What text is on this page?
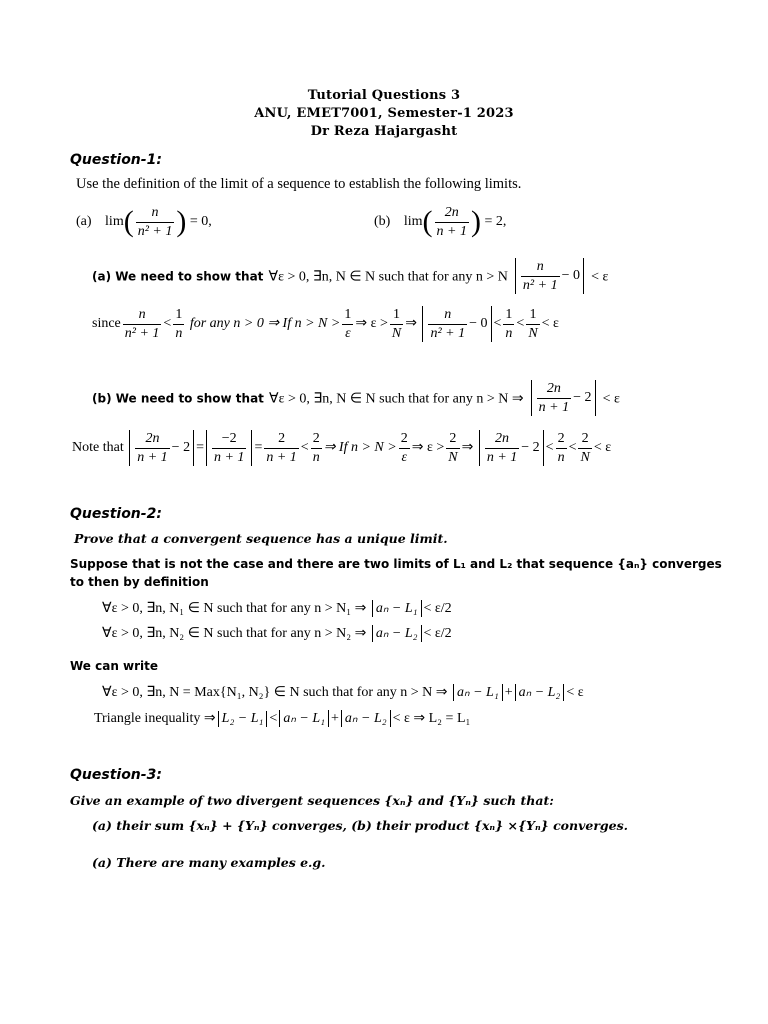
Tutorial Questions 3
ANU, EMET7001, Semester-1 2023
Dr Reza Hajargasht
Question-1:
Use the definition of the limit of a sequence to establish the following limits.
(a) $\lim( \frac{n}{\text{n² + 1}}$ ) = 0,	(b) $\lim( \frac{2n}{n + 1}$ ) = 2,
(a) We need to show that ∀ε > 0, ∃n, N ∈ N such that for any n > N $\frac{n}{\text{n² + 1}} - 0 < \varepsilon$
since $\frac{n}{\text{n² + 1}} < \frac{1}{n}$ for any n > 0 ⇒ If $n > N > \frac{1}{\varepsilon}$ ⇒ $\varepsilon > \frac{1}{N}$ ⇒ $\frac{n}{\text{n² + 1}} - 0 < \frac{1}{n} < \frac{1}{N} < \varepsilon$
(b) We need to show that ∀ε > 0, ∃n, N ∈ N such that for any n > N ⇒ $\frac{2n}{n + 1} - 2 < \varepsilon$
Note that $\frac{2n}{n + 1} - 2 = \frac{-2}{n + 1} = \frac{2}{n + 1} < \frac{2}{n}$ ⇒ If $n > N > \frac{2}{\varepsilon}$ ⇒ $\varepsilon > \frac{2}{N}$ ⇒ $\frac{2n}{n + 1} - 2 < \frac{2}{n} < \frac{2}{N} < \varepsilon$
Question-2:
Prove that a convergent sequence has a unique limit.
Suppose that is not the case and there are two limits of L₁ and L₂ that sequence {aₙ} converges
to then by definition
∀ε > 0, ∃n, N₁ ∈ N such that for any n > N₁ ⇒ aₙ − L₁ < ε/2
∀ε > 0, ∃n, N₂ ∈ N such that for any n > N₂ ⇒ aₙ − L₂ < ε/2
We can write
∀ε > 0, ∃n, N = Max{N₁, N₂} ∈ N such that for any n > N ⇒ aₙ − L₁ + aₙ − L₂ < ε
Triangle inequality ⇒ L₂ − L₁ < aₙ − L₁ + aₙ − L₂ < ε ⇒ L₂ = L₁
Question-3:
Give an example of two divergent sequences {xₙ} and {Yₙ} such that:
(a) their sum {xₙ} + {Yₙ} converges, (b) their product {xₙ} ×{Yₙ} converges.
(a) There are many examples e.g.
